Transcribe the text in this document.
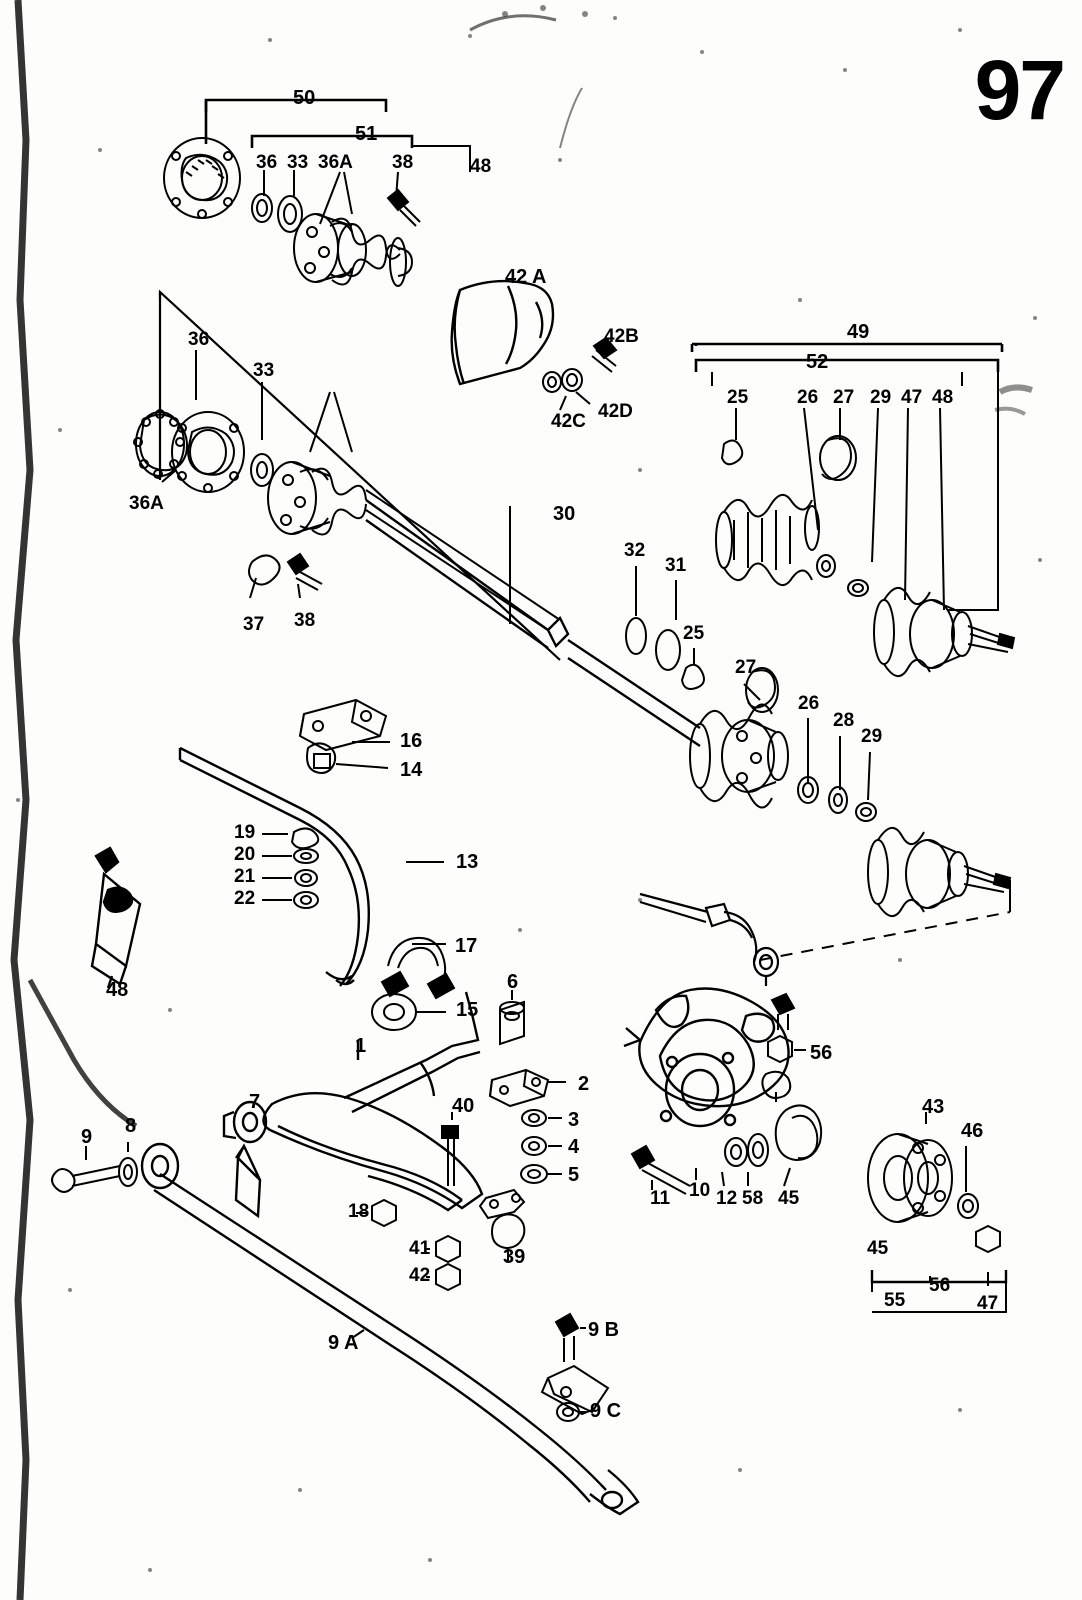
97
50
51
36 33 36A 38	48
42 A
42B
42C 42D
49
52
25	26 27 29 47 48
36
33
36A
37 38
30
32
31
25
27
26
28
29
16
14
19
20
21
22
13
48
17
15
6
1
7
8
9
2
3
4
5
40
18
41
42
39
11 10 12 58 45
56
43
46
45
56
55	47
9 A
9 B
9 C
